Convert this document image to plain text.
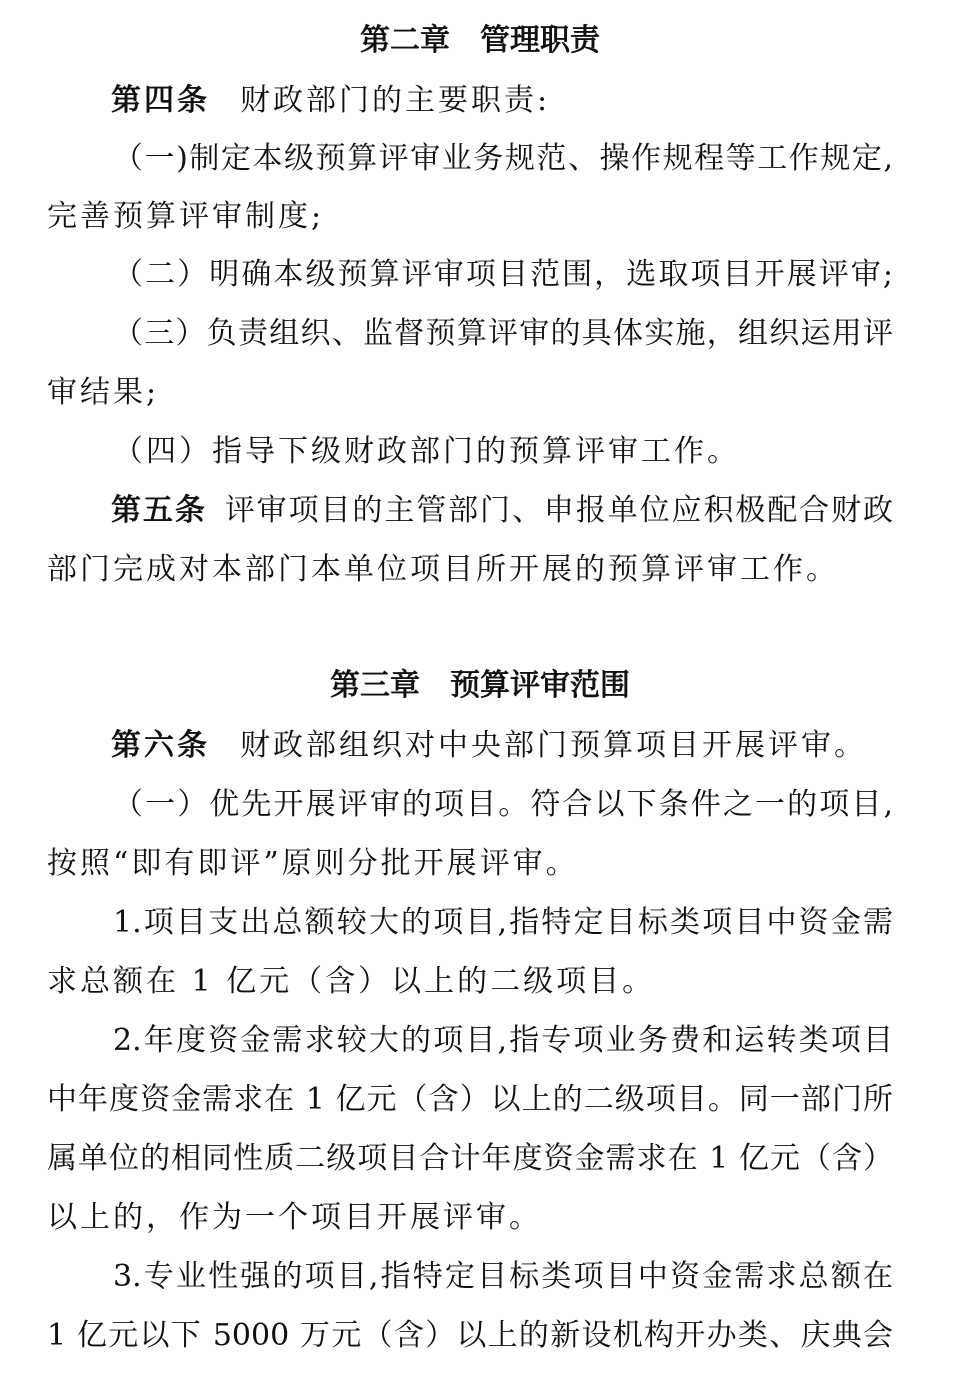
第二章　管理职责
第四条 财政部门的主要职责:
（一)制定本级预算评审业务规范、操作规程等工作规定,
完善预算评审制度;
（二）明确本级预算评审项目范围，选取项目开展评审;
（三）负责组织、监督预算评审的具体实施，组织运用评
审结果;
（四）指导下级财政部门的预算评审工作。
第五条 评审项目的主管部门、申报单位应积极配合财政
部门完成对本部门本单位项目所开展的预算评审工作。
第三章　预算评审范围
第六条 财政部组织对中央部门预算项目开展评审。
（一）优先开展评审的项目。符合以下条件之一的项目,
按照“即有即评”原则分批开展评审。
1.项目支出总额较大的项目,指特定目标类项目中资金需
求总额在 1 亿元（含）以上的二级项目。
2.年度资金需求较大的项目,指专项业务费和运转类项目
中年度资金需求在 1 亿元（含）以上的二级项目。同一部门所
属单位的相同性质二级项目合计年度资金需求在 1 亿元（含）
以上的，作为一个项目开展评审。
3.专业性强的项目,指特定目标类项目中资金需求总额在
1 亿元以下 5000 万元（含）以上的新设机构开办类、庆典会
